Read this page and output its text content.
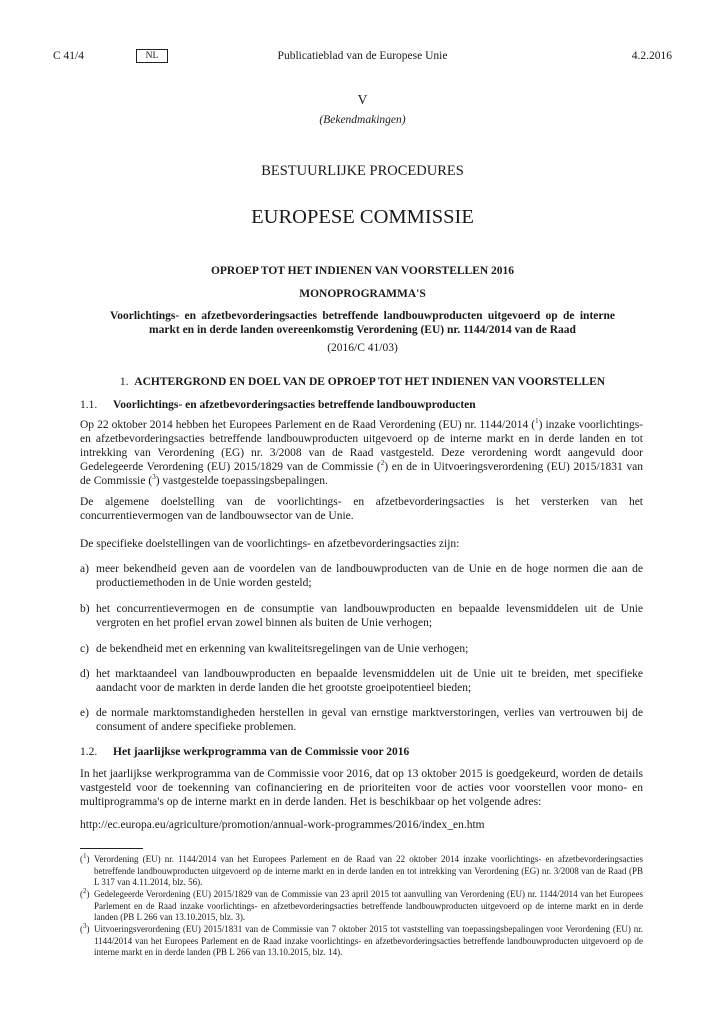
C 41/4	NL	Publicatieblad van de Europese Unie	4.2.2016
V
(Bekendmakingen)
BESTUURLIJKE PROCEDURES
EUROPESE COMMISSIE
OPROEP TOT HET INDIENEN VAN VOORSTELLEN 2016
MONOPROGRAMMA'S
Voorlichtings- en afzetbevorderingsacties betreffende landbouwproducten uitgevoerd op de interne markt en in derde landen overeenkomstig Verordening (EU) nr. 1144/2014 van de Raad
(2016/C 41/03)
1. ACHTERGROND EN DOEL VAN DE OPROEP TOT HET INDIENEN VAN VOORSTELLEN
1.1. Voorlichtings- en afzetbevorderingsacties betreffende landbouwproducten
Op 22 oktober 2014 hebben het Europees Parlement en de Raad Verordening (EU) nr. 1144/2014 ($^1$) inzake voorlichtings- en afzetbevorderingsacties betreffende landbouwproducten uitgevoerd op de interne markt en in derde landen en tot intrekking van Verordening (EG) nr. 3/2008 van de Raad vastgesteld. Deze verordening wordt aangevuld door Gedelegeerde Verordening (EU) 2015/1829 van de Commissie ($^2$) en de in Uitvoeringsverordening (EU) 2015/1831 van de Commissie ($^3$) vastgestelde toepassingsbepalingen.
De algemene doelstelling van de voorlichtings- en afzetbevorderingsacties is het versterken van het concurrentievermogen van de landbouwsector van de Unie.
De specifieke doelstellingen van de voorlichtings- en afzetbevorderingsacties zijn:
a) meer bekendheid geven aan de voordelen van de landbouwproducten van de Unie en de hoge normen die aan de productiemethoden in de Unie worden gesteld;
b) het concurrentievermogen en de consumptie van landbouwproducten en bepaalde levensmiddelen uit de Unie vergroten en het profiel ervan zowel binnen als buiten de Unie verhogen;
c) de bekendheid met en erkenning van kwaliteitsregelingen van de Unie verhogen;
d) het marktaandeel van landbouwproducten en bepaalde levensmiddelen uit de Unie uit te breiden, met specifieke aandacht voor de markten in derde landen die het grootste groeipotentieel bieden;
e) de normale marktomstandigheden herstellen in geval van ernstige marktverstoringen, verlies van vertrouwen bij de consument of andere specifieke problemen.
1.2. Het jaarlijkse werkprogramma van de Commissie voor 2016
In het jaarlijkse werkprogramma van de Commissie voor 2016, dat op 13 oktober 2015 is goedgekeurd, worden de details vastgesteld voor de toekenning van cofinanciering en de prioriteiten voor de acties voor voorstellen voor mono- en multiprogramma's op de interne markt en in derde landen. Het is beschikbaar op het volgende adres:
http://ec.europa.eu/agriculture/promotion/annual-work-programmes/2016/index_en.htm
($^1$) Verordening (EU) nr. 1144/2014 van het Europees Parlement en de Raad van 22 oktober 2014 inzake voorlichtings- en afzetbevorderingsacties betreffende landbouwproducten uitgevoerd op de interne markt en in derde landen en tot intrekking van Verordening (EG) nr. 3/2008 van de Raad (PB L 317 van 4.11.2014, blz. 56).
($^2$) Gedelegeerde Verordening (EU) 2015/1829 van de Commissie van 23 april 2015 tot aanvulling van Verordening (EU) nr. 1144/2014 van het Europees Parlement en de Raad inzake voorlichtings- en afzetbevorderingsacties betreffende landbouwproducten uitgevoerd op de interne markt en in derde landen (PB L 266 van 13.10.2015, blz. 3).
($^3$) Uitvoeringsverordening (EU) 2015/1831 van de Commissie van 7 oktober 2015 tot vaststelling van toepassingsbepalingen voor Verordening (EU) nr. 1144/2014 van het Europees Parlement en de Raad inzake voorlichtings- en afzetbevorderingsacties betreffende landbouwproducten uitgevoerd op de interne markt en in derde landen (PB L 266 van 13.10.2015, blz. 14).
